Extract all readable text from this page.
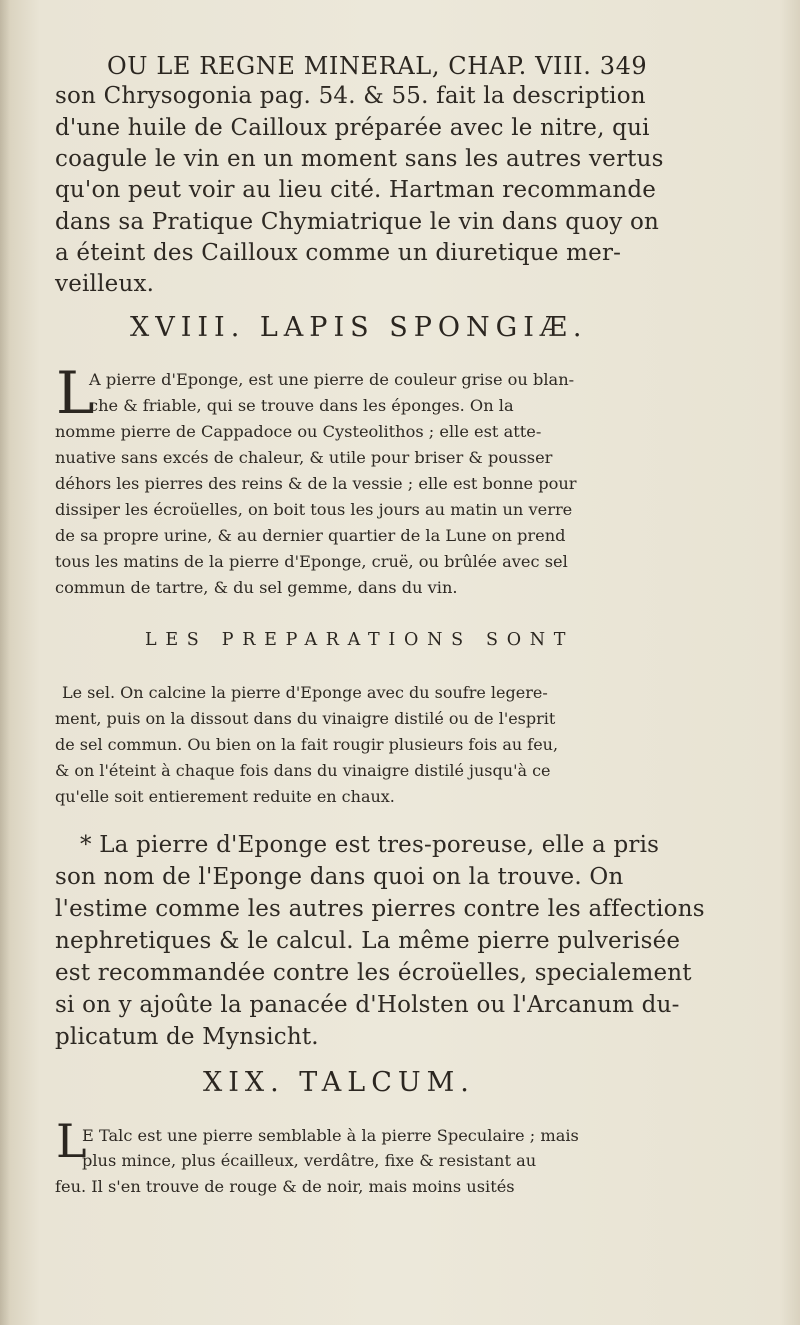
OU LE REGNE MINERAL, CHAP. VIII. 349
son Chrysogonia pag. 54. & 55. fait la description
d'une huile de Cailloux préparée avec le nitre, qui
coagule le vin en un moment sans les autres vertus
qu'on peut voir au lieu cité. Hartman recommande
dans sa Pratique Chymiatrique le vin dans quoy on
a éteint des Cailloux comme un diuretique mer-
veilleux.
XVIII. LAPIS SPONGIÆ.
L
A pierre d'Eponge, est une pierre de couleur grise ou blan-
che & friable, qui se trouve dans les éponges. On la
nomme pierre de Cappadoce ou Cysteolithos ; elle est atte-
nuative sans excés de chaleur, & utile pour briser & pousser
déhors les pierres des reins & de la vessie ; elle est bonne pour
dissiper les écroüelles, on boit tous les jours au matin un verre
de sa propre urine, & au dernier quartier de la Lune on prend
tous les matins de la pierre d'Eponge, cruë, ou brûlée avec sel
commun de tartre, & du sel gemme, dans du vin.
LES PREPARATIONS SONT
Le sel. On calcine la pierre d'Eponge avec du soufre legere-
ment, puis on la dissout dans du vinaigre distilé ou de l'esprit
de sel commun. Ou bien on la fait rougir plusieurs fois au feu,
& on l'éteint à chaque fois dans du vinaigre distilé jusqu'à ce
qu'elle soit entierement reduite en chaux.
* La pierre d'Eponge est tres-poreuse, elle a pris
son nom de l'Eponge dans quoi on la trouve. On
l'estime comme les autres pierres contre les affections
nephretiques & le calcul. La même pierre pulverisée
est recommandée contre les écroüelles, specialement
si on y ajoûte la panacée d'Holsten ou l'Arcanum du-
plicatum de Mynsicht.
XIX. TALCUM.
L
E Talc est une pierre semblable à la pierre Speculaire ; mais
plus mince, plus écailleux, verdâtre, fixe & resistant au
feu. Il s'en trouve de rouge & de noir, mais moins usités
